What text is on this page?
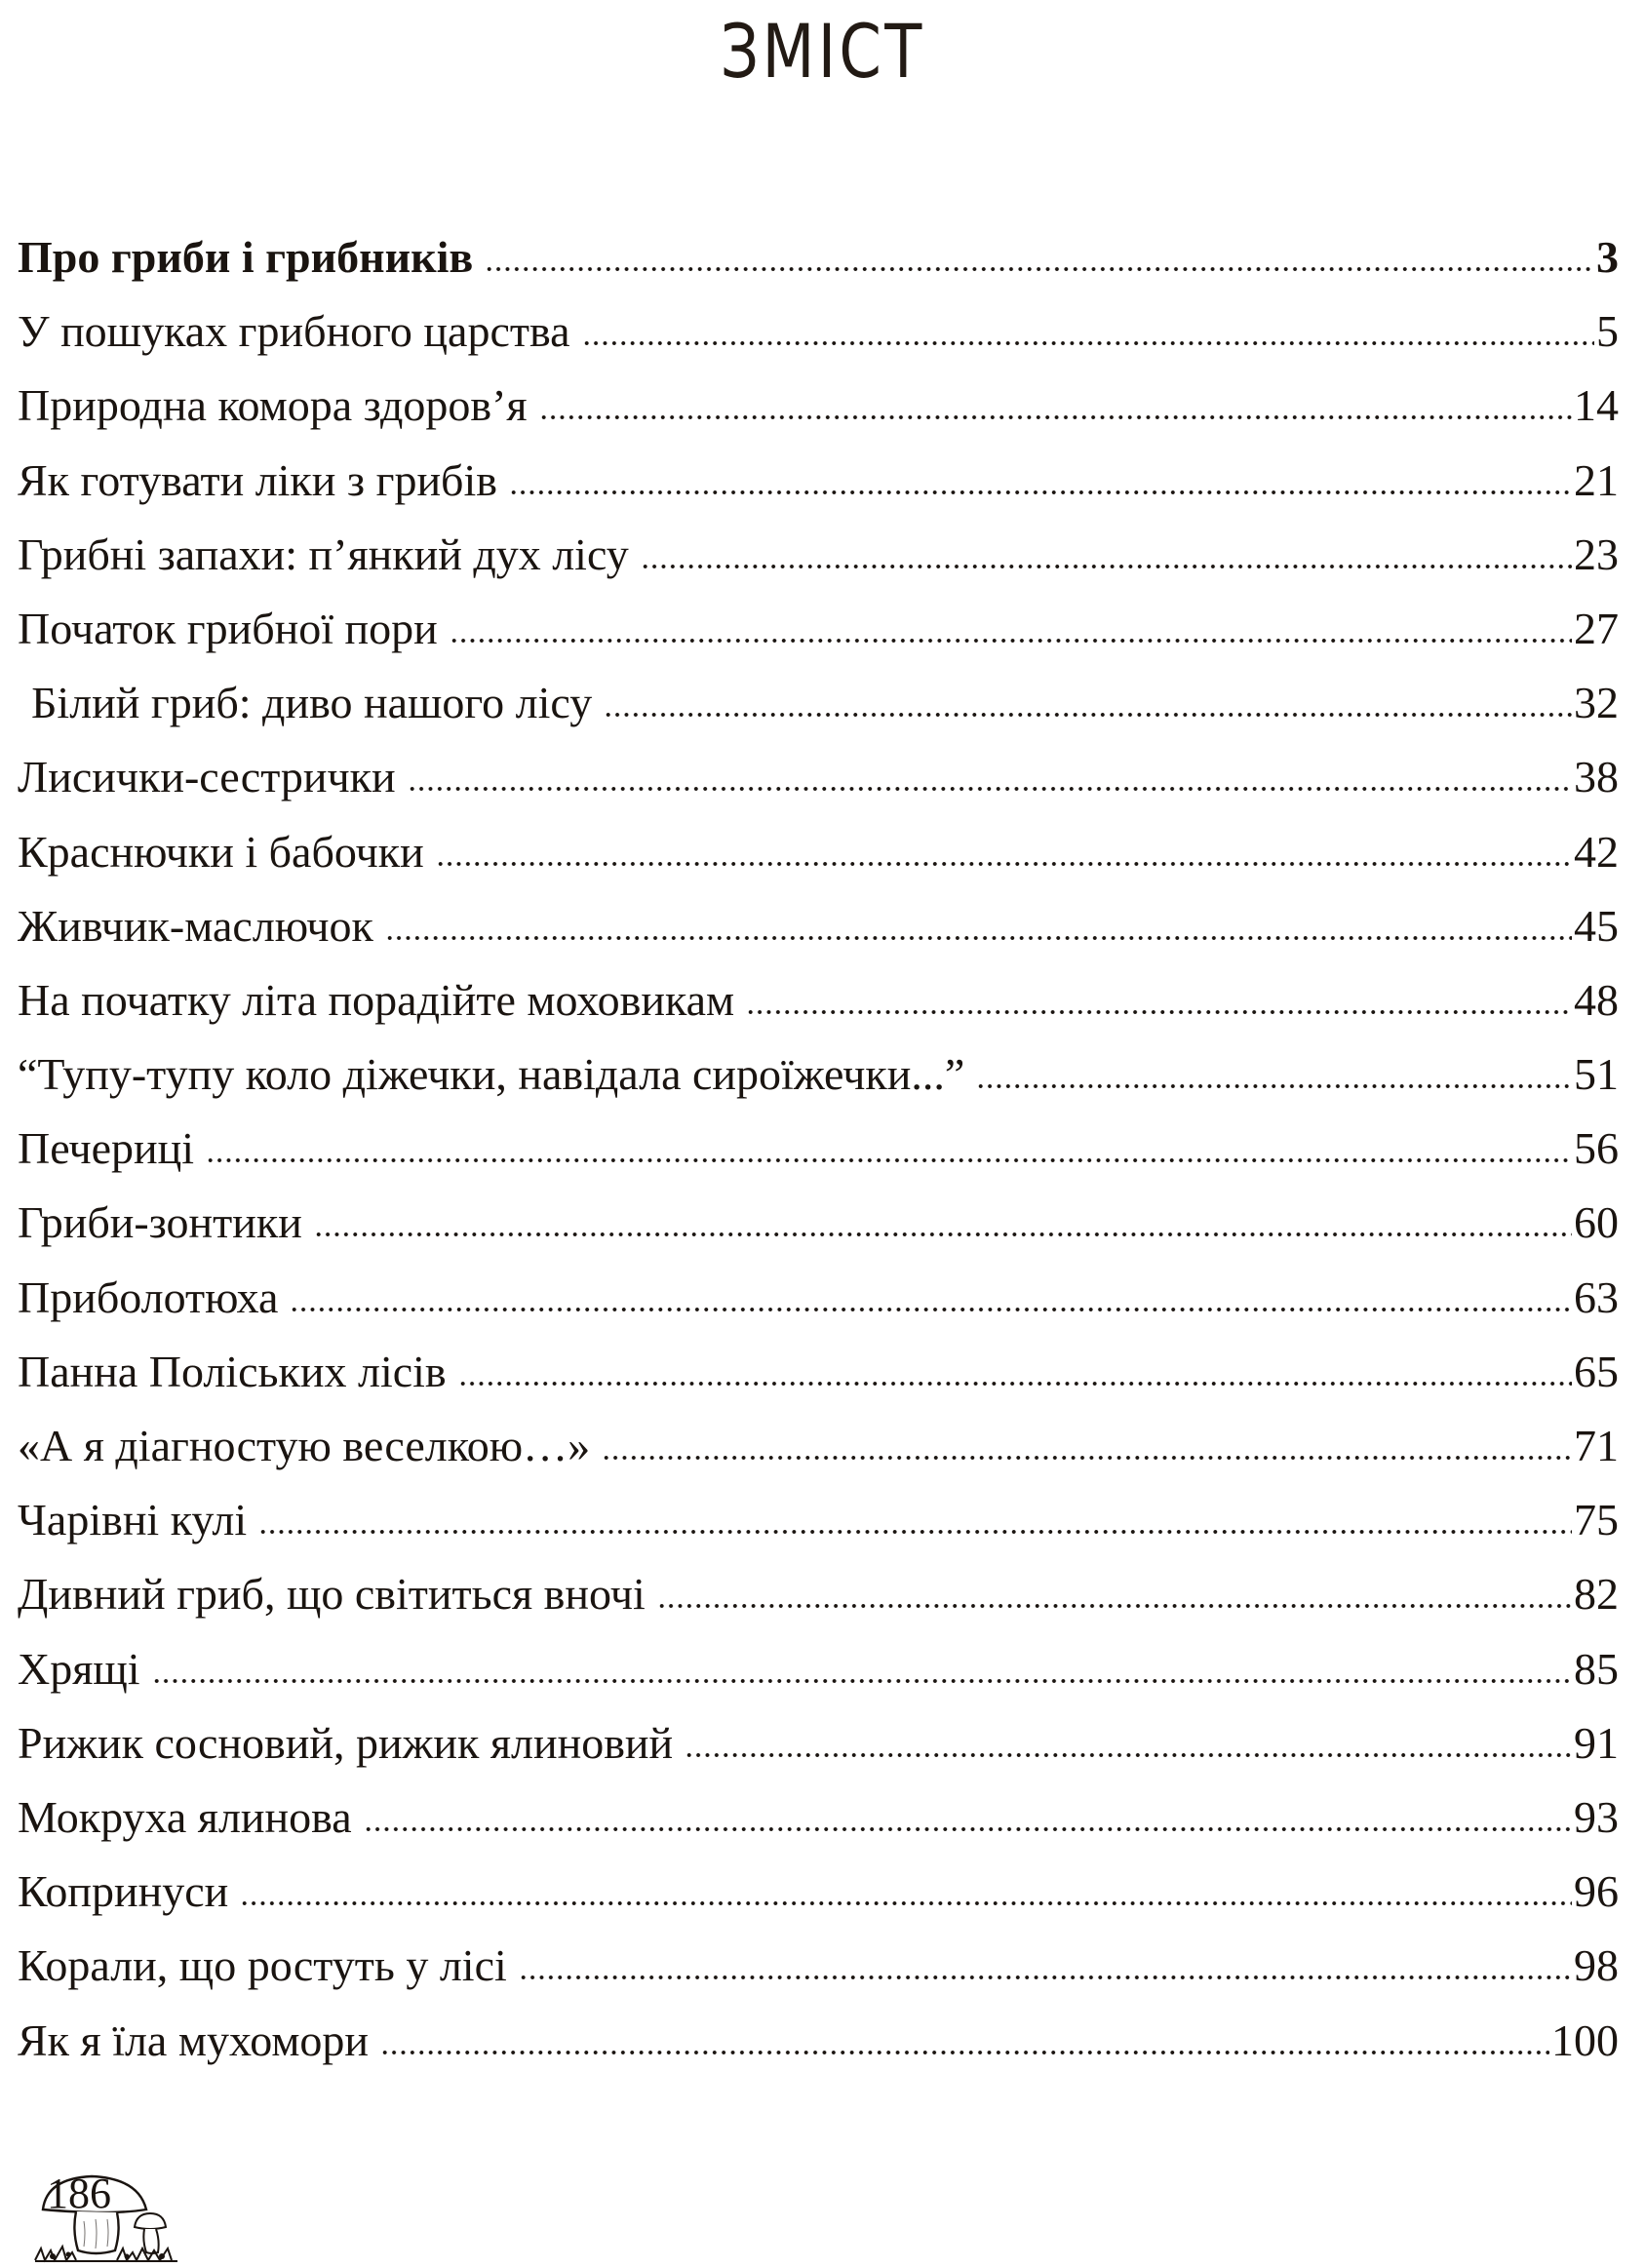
ЗМІСТ
Про гриби і грибників	3
У пошуках грибного царства	5
Природна комора здоров’я	14
Як готувати ліки з грибів	21
Грибні запахи: п’янкий дух лісу	23
Початок грибної пори	27
Білий гриб: диво нашого лісу	32
Лисички-сестрички	38
Краснючки і бабочки	42
Живчик-маслючок	45
На початку літа порадійте моховикам	48
“Тупу-тупу коло діжечки, навідала сироїжечки...”	51
Печериці	56
Гриби-зонтики	60
Приболотюха	63
Панна Поліських лісів	65
«А я діагностую веселкою…»	71
Чарівні кулі	75
Дивний гриб, що світиться вночі	82
Хрящі	85
Рижик сосновий, рижик ялиновий	91
Мокруха ялинова	93
Копринуси	96
Корали, що ростуть у лісі	98
Як я їла мухомори	100
186
